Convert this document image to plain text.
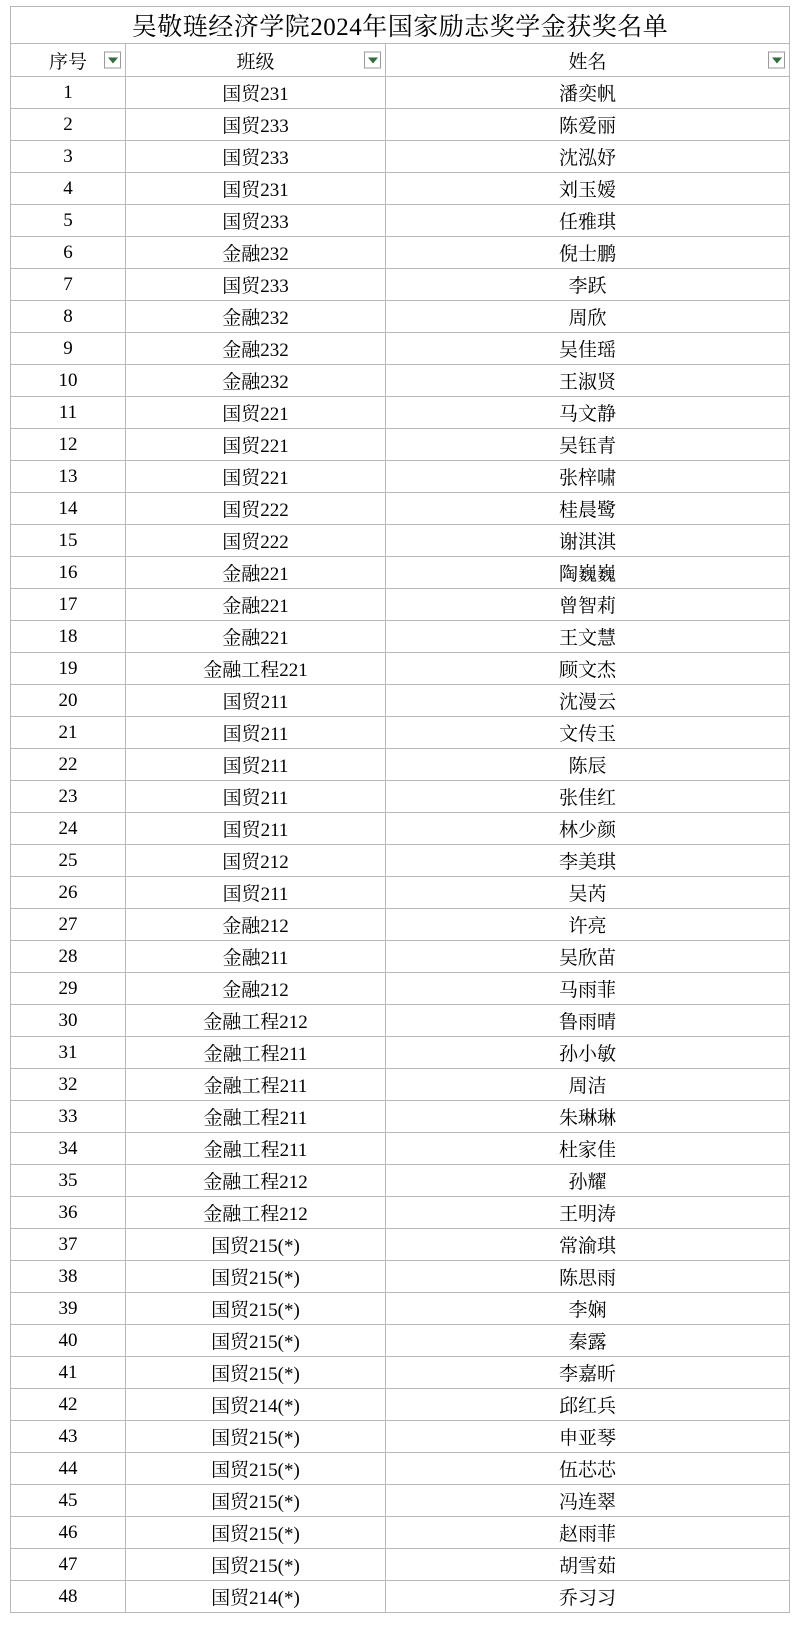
吴敬琏经济学院2024年国家励志奖学金获奖名单		

序号	班级	姓名

1	国贸231	潘奕帆
2	国贸233	陈爱丽
3	国贸233	沈泓妤
4	国贸231	刘玉嫒
5	国贸233	任雅琪
6	金融232	倪士鹏
7	国贸233	李跃
8	金融232	周欣
9	金融232	吴佳瑶
10	金融232	王淑贤
11	国贸221	马文静
12	国贸221	吴钰青
13	国贸221	张梓啸
14	国贸222	桂晨鹭
15	国贸222	谢淇淇
16	金融221	陶巍巍
17	金融221	曾智莉
18	金融221	王文慧
19	金融工程221	顾文杰
20	国贸211	沈漫云
21	国贸211	文传玉
22	国贸211	陈辰
23	国贸211	张佳红
24	国贸211	林少颜
25	国贸212	李美琪
26	国贸211	吴芮
27	金融212	许亮
28	金融211	吴欣苗
29	金融212	马雨菲
30	金融工程212	鲁雨晴
31	金融工程211	孙小敏
32	金融工程211	周洁
33	金融工程211	朱琳琳
34	金融工程211	杜家佳
35	金融工程212	孙耀
36	金融工程212	王明涛
37	国贸215(*)	常渝琪
38	国贸215(*)	陈思雨
39	国贸215(*)	李娴
40	国贸215(*)	秦露
41	国贸215(*)	李嘉昕
42	国贸214(*)	邱红兵
43	国贸215(*)	申亚琴
44	国贸215(*)	伍芯芯
45	国贸215(*)	冯连翠
46	国贸215(*)	赵雨菲
47	国贸215(*)	胡雪茹
48	国贸214(*)	乔习习
